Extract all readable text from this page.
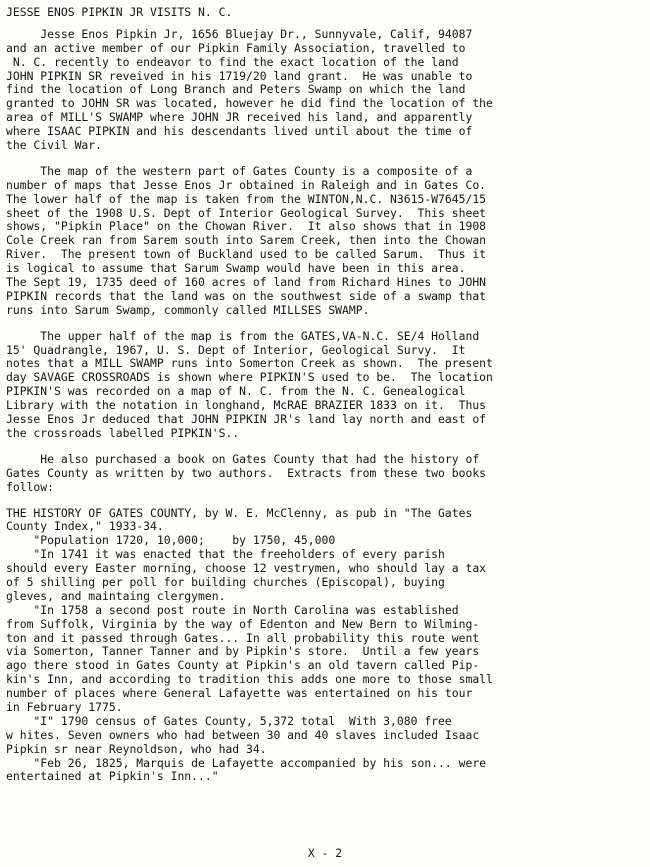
JESSE ENOS PIPKIN JR VISITS N. C.
Jesse Enos Pipkin Jr, 1656 Bluejay Dr., Sunnyvale, Calif, 94087
and an active member of our Pipkin Family Association, travelled to
N. C. recently to endeavor to find the exact location of the land
JOHN PIPKIN SR reveived in his 1719/20 land grant.  He was unable to
find the location of Long Branch and Peters Swamp on which the land
granted to JOHN SR was located, however he did find the location of the
area of MILL'S SWAMP where JOHN JR received his land, and apparently
where ISAAC PIPKIN and his descendants lived until about the time of
the Civil War.
The map of the western part of Gates County is a composite of a
number of maps that Jesse Enos Jr obtained in Raleigh and in Gates Co.
The lower half of the map is taken from the WINTON,N.C. N3615-W7645/15
sheet of the 1908 U.S. Dept of Interior Geological Survey.  This sheet
shows, "Pipkin Place" on the Chowan River.  It also shows that in 1908
Cole Creek ran from Sarem south into Sarem Creek, then into the Chowan
River.  The present town of Buckland used to be called Sarum.  Thus it
is logical to assume that Sarum Swamp would have been in this area.
The Sept 19, 1735 deed of 160 acres of land from Richard Hines to JOHN
PIPKIN records that the land was on the southwest side of a swamp that
runs into Sarum Swamp, commonly called MILLSES SWAMP.
The upper half of the map is from the GATES,VA-N.C. SE/4 Holland
15' Quadrangle, 1967, U. S. Dept of Interior, Geological Survy.  It
notes that a MILL SWAMP runs into Somerton Creek as shown.  The present
day SAVAGE CROSSROADS is shown where PIPKIN'S used to be.  The location
PIPKIN'S was recorded on a map of N. C. from the N. C. Genealogical
Library with the notation in longhand, McRAE BRAZIER 1833 on it.  Thus
Jesse Enos Jr deduced that JOHN PIPKIN JR's land lay north and east of
the crossroads labelled PIPKIN'S..
He also purchased a book on Gates County that had the history of
Gates County as written by two authors.  Extracts from these two books
follow:
THE HISTORY OF GATES COUNTY, by W. E. McClenny, as pub in "The Gates
County Index," 1933-34.
"Population 1720, 10,000;    by 1750, 45,000
"In 1741 it was enacted that the freeholders of every parish
should every Easter morning, choose 12 vestrymen, who should lay a tax
of 5 shilling per poll for building churches (Episcopal), buying
gleves, and maintaing clergymen.
"In 1758 a second post route in North Carolina was established
from Suffolk, Virginia by the way of Edenton and New Bern to Wilming-
ton and it passed through Gates... In all probability this route went
via Somerton, Tanner Tanner and by Pipkin's store.  Until a few years
ago there stood in Gates County at Pipkin's an old tavern called Pip-
kin's Inn, and according to tradition this adds one more to those small
number of places where General Lafayette was entertained on his tour
in February 1775.
"I" 1790 census of Gates County, 5,372 total  With 3,080 free
w hites. Seven owners who had between 30 and 40 slaves included Isaac
Pipkin sr near Reynoldson, who had 34.
"Feb 26, 1825, Marquis de Lafayette accompanied by his son... were
entertained at Pipkin's Inn..."
X - 2
